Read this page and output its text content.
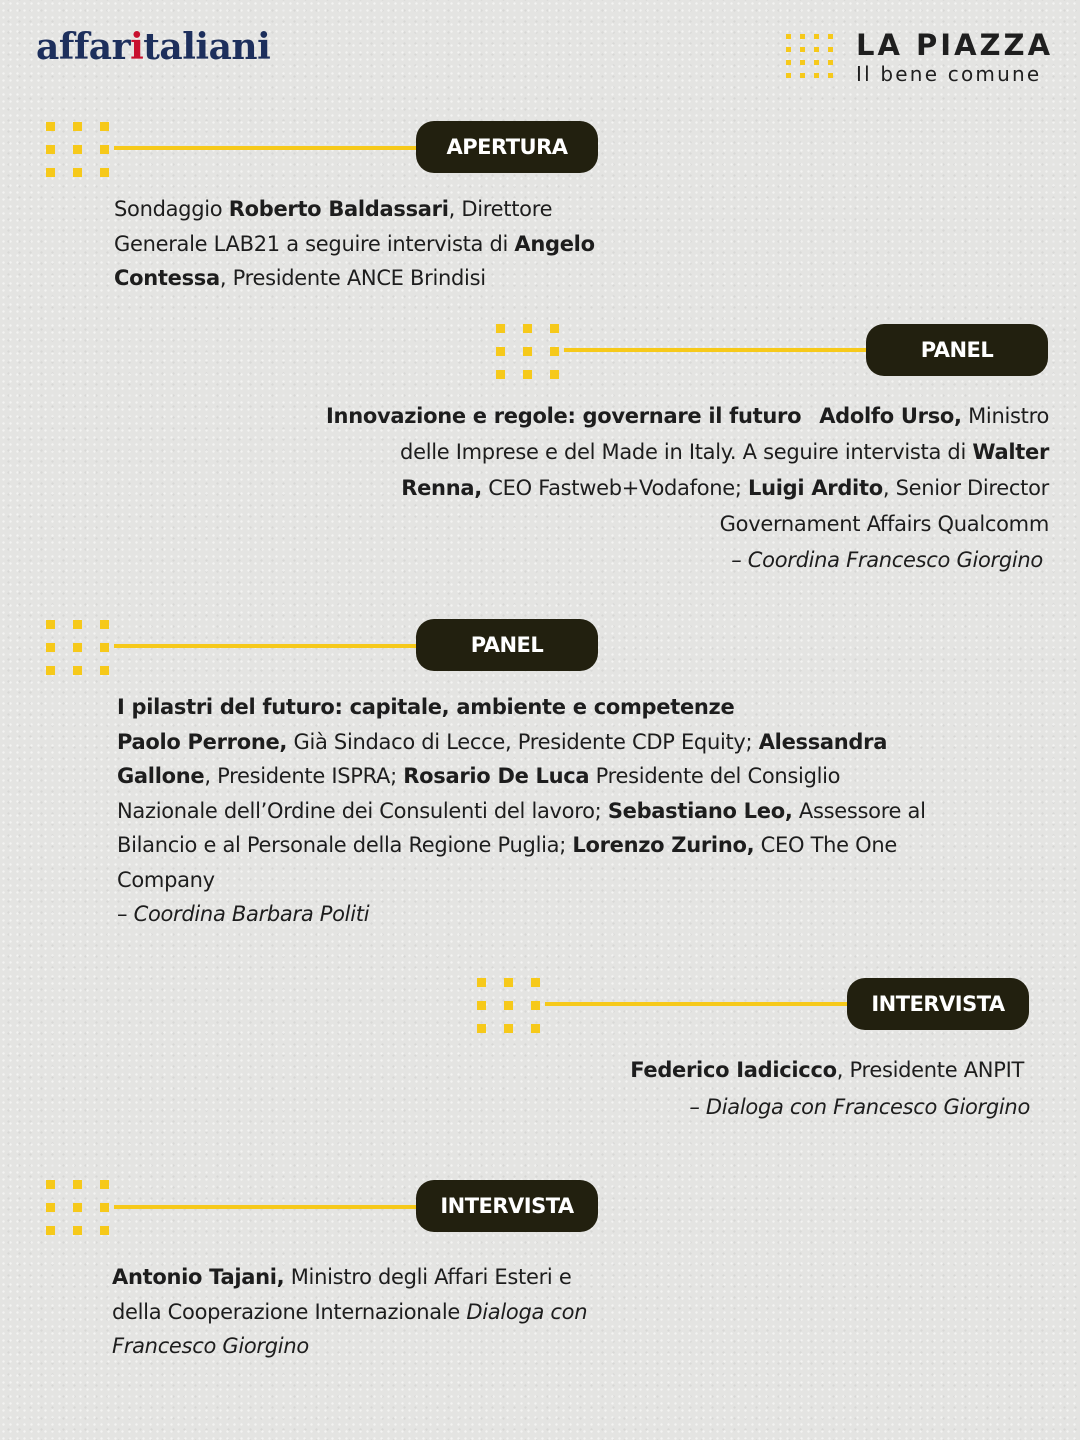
affaritaliani	LA PIAZZA
Il bene comune
APERTURA
Sondaggio Roberto Baldassari, Direttore
Generale LAB21 a seguire intervista di Angelo
Contessa, Presidente ANCE Brindisi
PANEL
Innovazione e regole: governare il futuro Adolfo Urso, Ministro
delle Imprese e del Made in Italy. A seguire intervista di Walter
Renna, CEO Fastweb+Vodafone; Luigi Ardito, Senior Director
Governament Affairs Qualcomm
– Coordina Francesco Giorgino
PANEL
I pilastri del futuro: capitale, ambiente e competenze
Paolo Perrone, Già Sindaco di Lecce, Presidente CDP Equity; Alessandra
Gallone, Presidente ISPRA; Rosario De Luca Presidente del Consiglio
Nazionale dell’Ordine dei Consulenti del lavoro; Sebastiano Leo, Assessore al
Bilancio e al Personale della Regione Puglia; Lorenzo Zurino, CEO The One
Company
– Coordina Barbara Politi
INTERVISTA
Federico Iadicicco, Presidente ANPIT
– Dialoga con Francesco Giorgino
INTERVISTA
Antonio Tajani, Ministro degli Affari Esteri e
della Cooperazione Internazionale Dialoga con
Francesco Giorgino
